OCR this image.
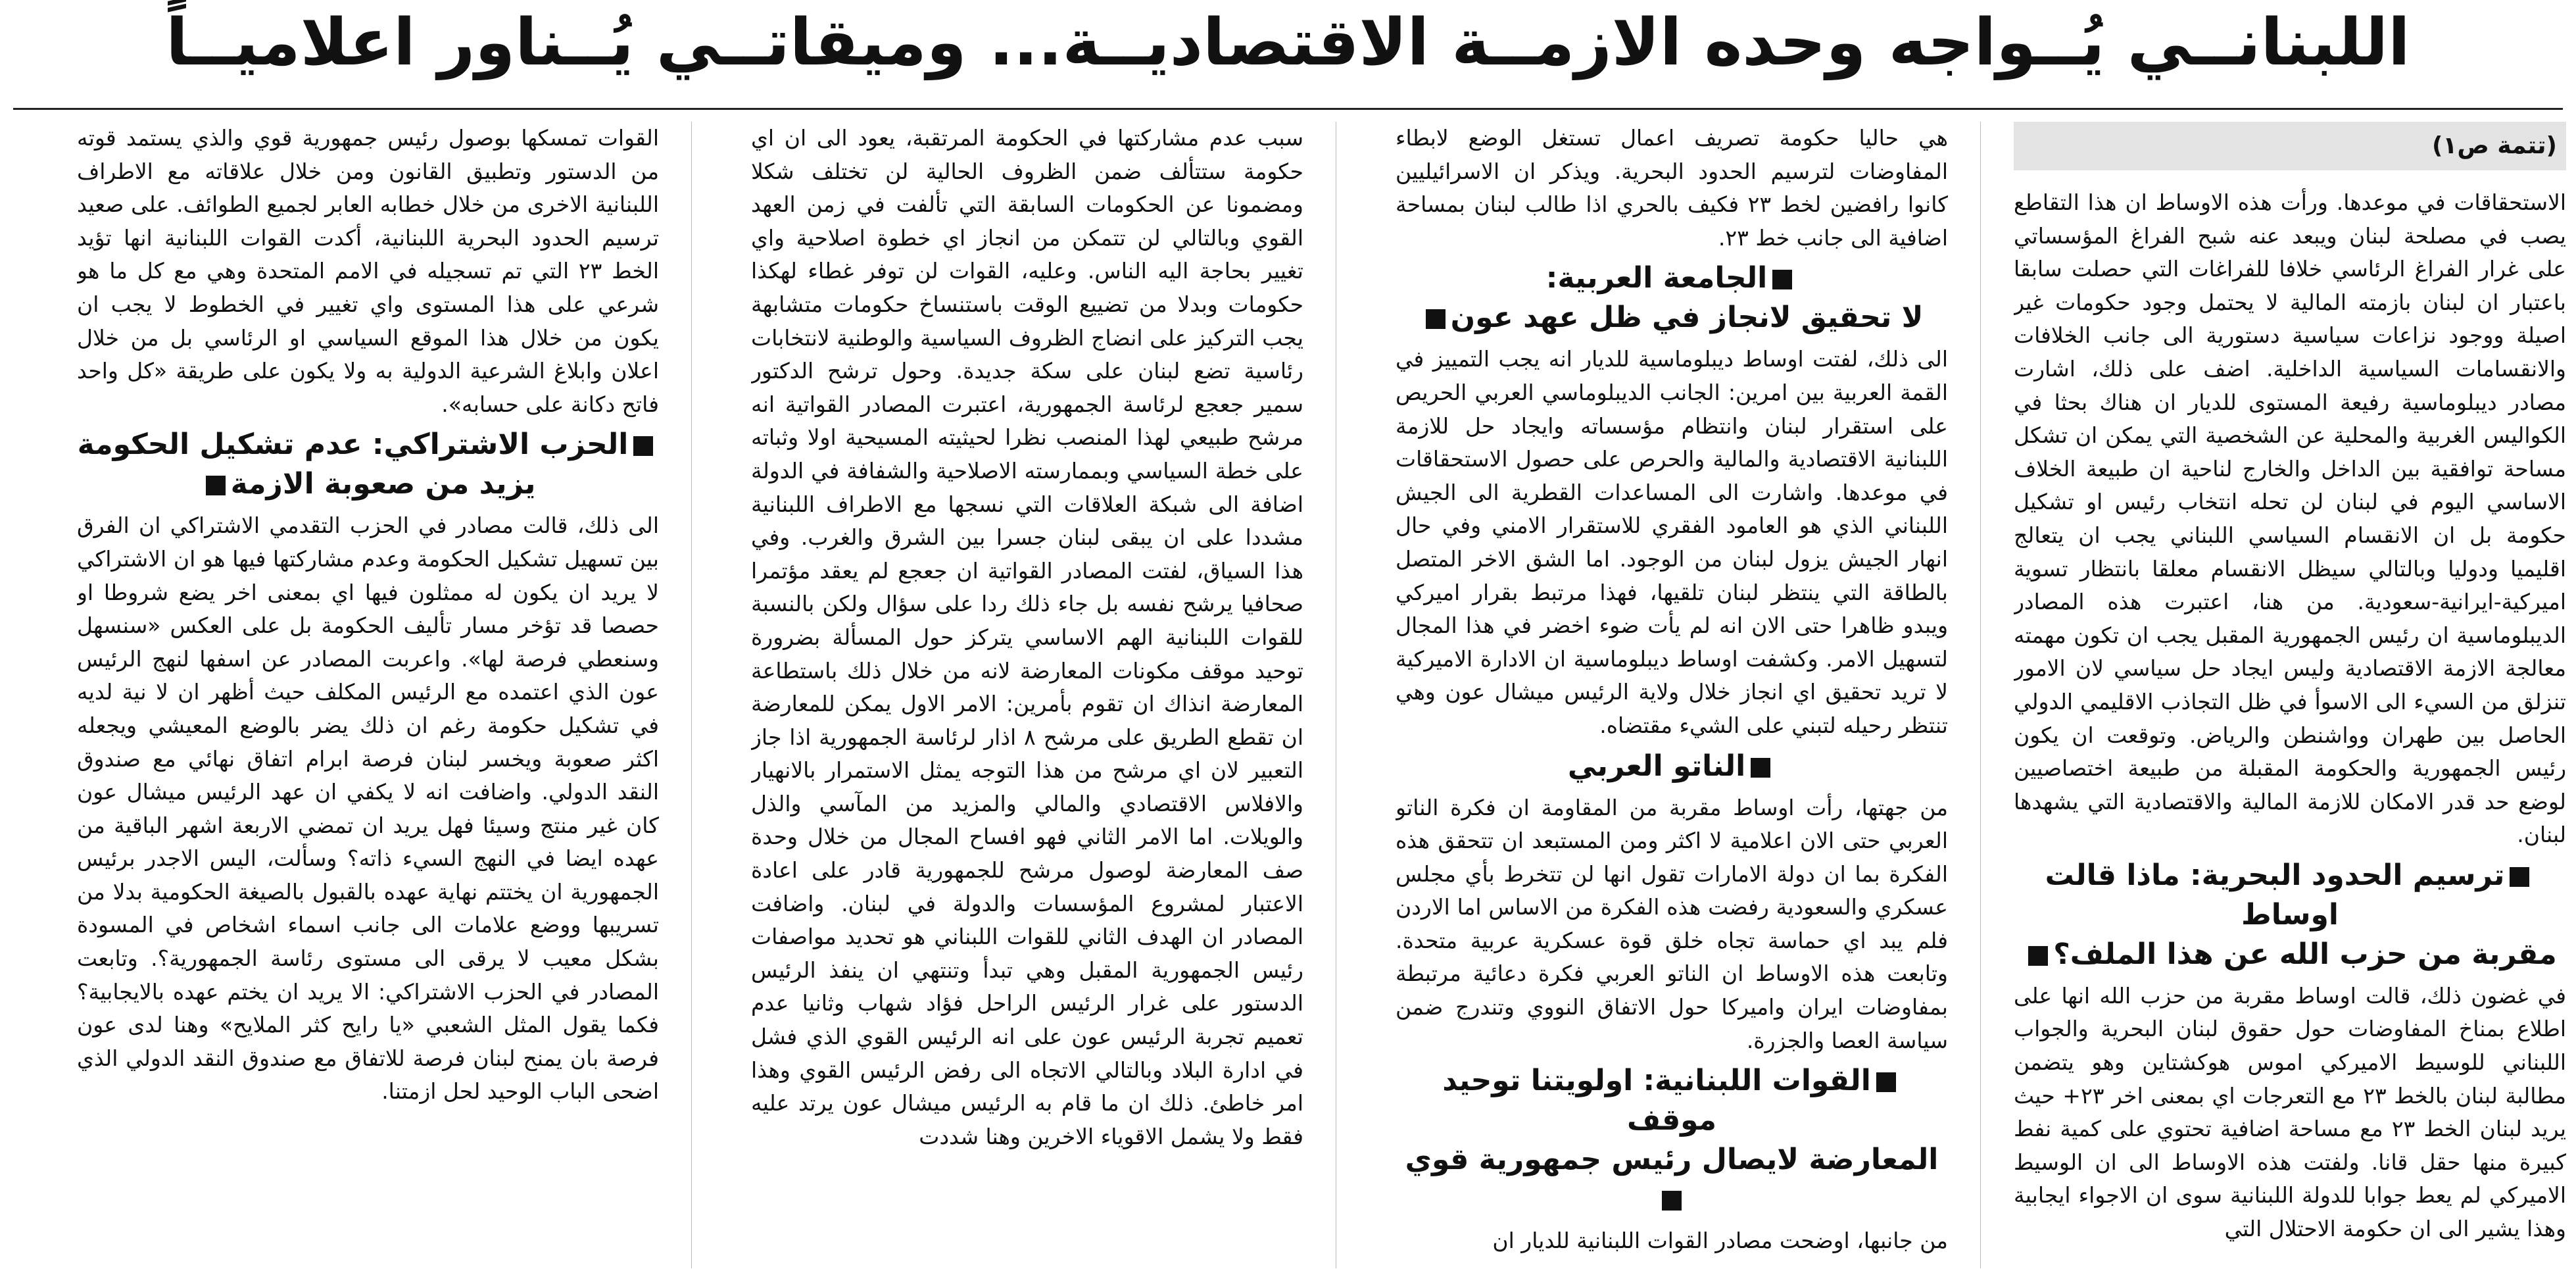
اللبنانــي يُــواجه وحده الازمــة الاقتصاديــة... وميقاتــي يُــناور اعلاميــاً
(تتمة ص١)

الاستحقاقات في موعدها. ورأت هذه الاوساط ان هذا التقاطع يصب في مصلحة لبنان ويبعد عنه شبح الفراغ المؤسساتي على غرار الفراغ الرئاسي خلافا للفراغات التي حصلت سابقا باعتبار ان لبنان بازمته المالية لا يحتمل وجود حكومات غير اصيلة ووجود نزاعات سياسية دستورية الى جانب الخلافات والانقسامات السياسية الداخلية. اضف على ذلك، اشارت مصادر ديبلوماسية رفيعة المستوى للديار ان هناك بحثا في الكواليس الغربية والمحلية عن الشخصية التي يمكن ان تشكل مساحة توافقية بين الداخل والخارج لناحية ان طبيعة الخلاف الاساسي اليوم في لبنان لن تحله انتخاب رئيس او تشكيل حكومة بل ان الانقسام السياسي اللبناني يجب ان يتعالج اقليميا ودوليا وبالتالي سيظل الانقسام معلقا بانتظار تسوية اميركية-ايرانية-سعودية. من هنا، اعتبرت هذه المصادر الديبلوماسية ان رئيس الجمهورية المقبل يجب ان تكون مهمته معالجة الازمة الاقتصادية وليس ايجاد حل سياسي لان الامور تنزلق من السيء الى الاسوأ في ظل التجاذب الاقليمي الدولي الحاصل بين طهران وواشنطن والرياض. وتوقعت ان يكون رئيس الجمهورية والحكومة المقبلة من طبيعة اختصاصيين لوضع حد قدر الامكان للازمة المالية والاقتصادية التي يشهدها لبنان.

ترسيم الحدود البحرية: ماذا قالت اوساط
مقربة من حزب الله عن هذا الملف؟

في غضون ذلك، قالت اوساط مقربة من حزب الله انها على اطلاع بمناخ المفاوضات حول حقوق لبنان البحرية والجواب اللبناني للوسيط الاميركي اموس هوكشتاين وهو يتضمن مطالبة لبنان بالخط ٢٣ مع التعرجات اي بمعنى اخر ٢٣+ حيث يريد لبنان الخط ٢٣ مع مساحة اضافية تحتوي على كمية نفط كبيرة منها حقل قانا. ولفتت هذه الاوساط الى ان الوسيط الاميركي لم يعط جوابا للدولة اللبنانية سوى ان الاجواء ايجابية وهذا يشير الى ان حكومة الاحتلال التي

هي حاليا حكومة تصريف اعمال تستغل الوضع لابطاء المفاوضات لترسيم الحدود البحرية. ويذكر ان الاسرائيليين كانوا رافضين لخط ٢٣ فكيف بالحري اذا طالب لبنان بمساحة اضافية الى جانب خط ٢٣.

الجامعة العربية:
لا تحقيق لانجاز في ظل عهد عون

الى ذلك، لفتت اوساط ديبلوماسية للديار انه يجب التمييز في القمة العربية بين امرين: الجانب الديبلوماسي العربي الحريص على استقرار لبنان وانتظام مؤسساته وايجاد حل للازمة اللبنانية الاقتصادية والمالية والحرص على حصول الاستحقاقات في موعدها. واشارت الى المساعدات القطرية الى الجيش اللبناني الذي هو العامود الفقري للاستقرار الامني وفي حال انهار الجيش يزول لبنان من الوجود. اما الشق الاخر المتصل بالطاقة التي ينتظر لبنان تلقيها، فهذا مرتبط بقرار اميركي ويبدو ظاهرا حتى الان انه لم يأت ضوء اخضر في هذا المجال لتسهيل الامر. وكشفت اوساط ديبلوماسية ان الادارة الاميركية لا تريد تحقيق اي انجاز خلال ولاية الرئيس ميشال عون وهي تنتظر رحيله لتبني على الشيء مقتضاه.

الناتو العربي

من جهتها، رأت اوساط مقربة من المقاومة ان فكرة الناتو العربي حتى الان اعلامية لا اكثر ومن المستبعد ان تتحقق هذه الفكرة بما ان دولة الامارات تقول انها لن تتخرط بأي مجلس عسكري والسعودية رفضت هذه الفكرة من الاساس اما الاردن فلم يبد اي حماسة تجاه خلق قوة عسكرية عربية متحدة. وتابعت هذه الاوساط ان الناتو العربي فكرة دعائية مرتبطة بمفاوضات ايران واميركا حول الاتفاق النووي وتندرج ضمن سياسة العصا والجزرة.

القوات اللبنانية: اولويتنا توحيد موقف
المعارضة لايصال رئيس جمهورية قوي

من جانبها، اوضحت مصادر القوات اللبنانية للديار ان

سبب عدم مشاركتها في الحكومة المرتقبة، يعود الى ان اي حكومة ستتألف ضمن الظروف الحالية لن تختلف شكلا ومضمونا عن الحكومات السابقة التي تألفت في زمن العهد القوي وبالتالي لن تتمكن من انجاز اي خطوة اصلاحية واي تغيير بحاجة اليه الناس. وعليه، القوات لن توفر غطاء لهكذا حكومات وبدلا من تضييع الوقت باستنساخ حكومات متشابهة يجب التركيز على انضاج الظروف السياسية والوطنية لانتخابات رئاسية تضع لبنان على سكة جديدة. وحول ترشح الدكتور سمير جعجع لرئاسة الجمهورية، اعتبرت المصادر القواتية انه مرشح طبيعي لهذا المنصب نظرا لحيثيته المسيحية اولا وثباته على خطة السياسي وبممارسته الاصلاحية والشفافة في الدولة اضافة الى شبكة العلاقات التي نسجها مع الاطراف اللبنانية مشددا على ان يبقى لبنان جسرا بين الشرق والغرب. وفي هذا السياق، لفتت المصادر القواتية ان جعجع لم يعقد مؤتمرا صحافيا يرشح نفسه بل جاء ذلك ردا على سؤال ولكن بالنسبة للقوات اللبنانية الهم الاساسي يتركز حول المسألة بضرورة توحيد موقف مكونات المعارضة لانه من خلال ذلك باستطاعة المعارضة انذاك ان تقوم بأمرين: الامر الاول يمكن للمعارضة ان تقطع الطريق على مرشح ٨ اذار لرئاسة الجمهورية اذا جاز التعبير لان اي مرشح من هذا التوجه يمثل الاستمرار بالانهيار والافلاس الاقتصادي والمالي والمزيد من المآسي والذل والويلات. اما الامر الثاني فهو افساح المجال من خلال وحدة صف المعارضة لوصول مرشح للجمهورية قادر على اعادة الاعتبار لمشروع المؤسسات والدولة في لبنان. واضافت المصادر ان الهدف الثاني للقوات اللبناني هو تحديد مواصفات رئيس الجمهورية المقبل وهي تبدأ وتنتهي ان ينفذ الرئيس الدستور على غرار الرئيس الراحل فؤاد شهاب وثانيا عدم تعميم تجربة الرئيس عون على انه الرئيس القوي الذي فشل في ادارة البلاد وبالتالي الاتجاه الى رفض الرئيس القوي وهذا امر خاطئ. ذلك ان ما قام به الرئيس ميشال عون يرتد عليه فقط ولا يشمل الاقوياء الاخرين وهنا شددت

القوات تمسكها بوصول رئيس جمهورية قوي والذي يستمد قوته من الدستور وتطبيق القانون ومن خلال علاقاته مع الاطراف اللبنانية الاخرى من خلال خطابه العابر لجميع الطوائف. على صعيد ترسيم الحدود البحرية اللبنانية، أكدت القوات اللبنانية انها تؤيد الخط ٢٣ التي تم تسجيله في الامم المتحدة وهي مع كل ما هو شرعي على هذا المستوى واي تغيير في الخطوط لا يجب ان يكون من خلال هذا الموقع السياسي او الرئاسي بل من خلال اعلان وابلاغ الشرعية الدولية به ولا يكون على طريقة «كل واحد فاتح دكانة على حسابه».

الحزب الاشتراكي: عدم تشكيل الحكومة
يزيد من صعوبة الازمة

الى ذلك، قالت مصادر في الحزب التقدمي الاشتراكي ان الفرق بين تسهيل تشكيل الحكومة وعدم مشاركتها فيها هو ان الاشتراكي لا يريد ان يكون له ممثلون فيها اي بمعنى اخر يضع شروطا او حصصا قد تؤخر مسار تأليف الحكومة بل على العكس «سنسهل وسنعطي فرصة لها». واعربت المصادر عن اسفها لنهج الرئيس عون الذي اعتمده مع الرئيس المكلف حيث أظهر ان لا نية لديه في تشكيل حكومة رغم ان ذلك يضر بالوضع المعيشي ويجعله اكثر صعوبة ويخسر لبنان فرصة ابرام اتفاق نهائي مع صندوق النقد الدولي. واضافت انه لا يكفي ان عهد الرئيس ميشال عون كان غير منتج وسيئا فهل يريد ان تمضي الاربعة اشهر الباقية من عهده ايضا في النهج السيء ذاته؟ وسألت، اليس الاجدر برئيس الجمهورية ان يختتم نهاية عهده بالقبول بالصيغة الحكومية بدلا من تسريبها ووضع علامات الى جانب اسماء اشخاص في المسودة بشكل معيب لا يرقى الى مستوى رئاسة الجمهورية؟. وتابعت المصادر في الحزب الاشتراكي: الا يريد ان يختم عهده بالايجابية؟ فكما يقول المثل الشعبي «يا رايح كثر الملايح» وهنا لدى عون فرصة بان يمنح لبنان فرصة للاتفاق مع صندوق النقد الدولي الذي اضحى الباب الوحيد لحل ازمتنا.
